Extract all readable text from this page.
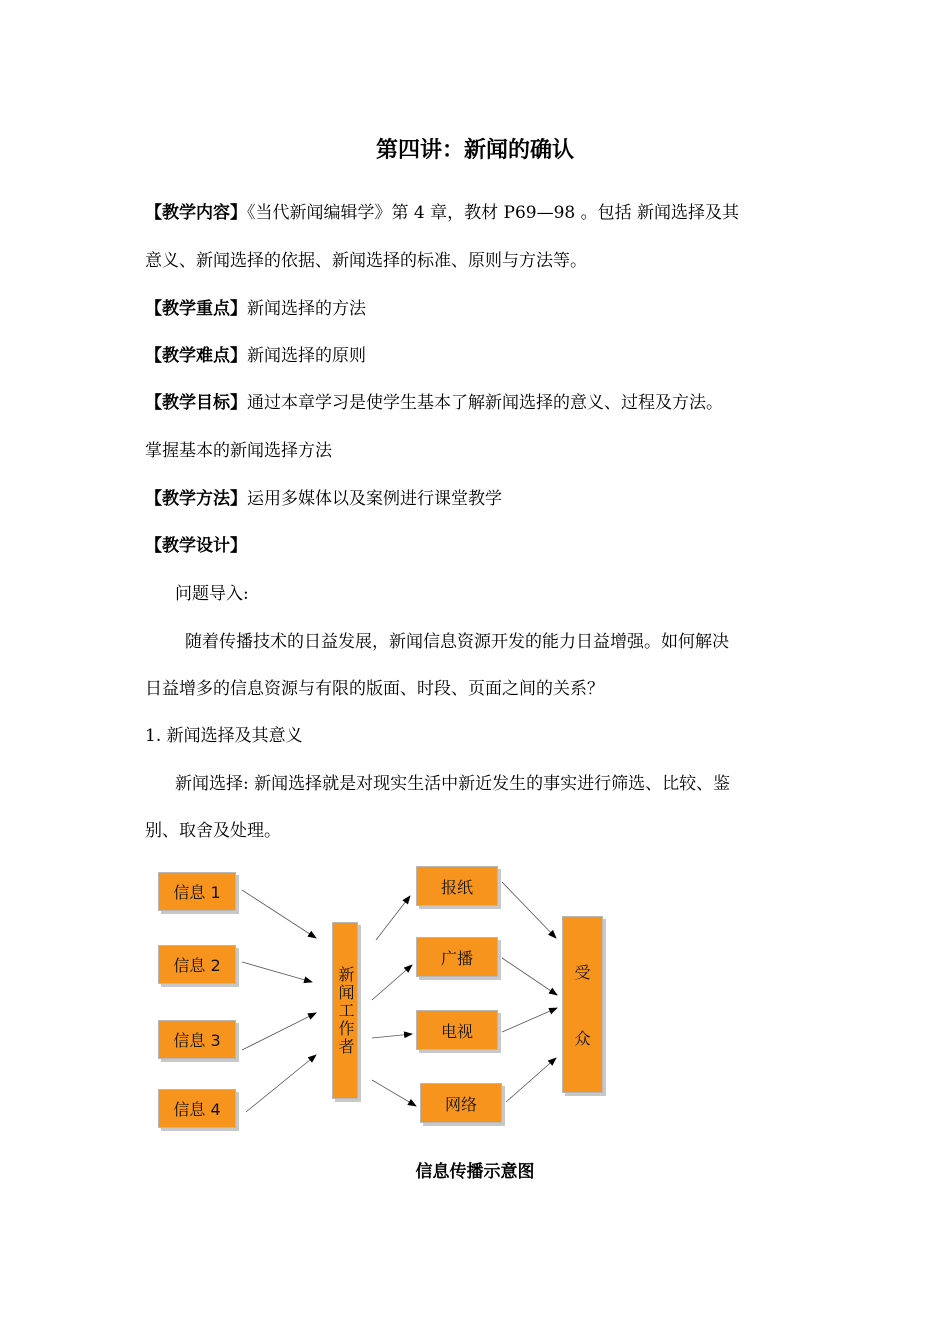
第四讲：新闻的确认
【教学内容】《当代新闻编辑学》第 4 章，教材 P69—98 。包括 新闻选择及其
意义、新闻选择的依据、新闻选择的标准、原则与方法等。
【教学重点】新闻选择的方法
【教学难点】新闻选择的原则
【教学目标】通过本章学习是使学生基本了解新闻选择的意义、过程及方法。
掌握基本的新闻选择方法
【教学方法】运用多媒体以及案例进行课堂教学
【教学设计】
问题导入:
随着传播技术的日益发展，新闻信息资源开发的能力日益增强。如何解决
日益增多的信息资源与有限的版面、时段、页面之间的关系？
1. 新闻选择及其意义
新闻选择: 新闻选择就是对现实生活中新近发生的事实进行筛选、比较、鉴
别、取舍及处理。
信息 1
信息 2
信息 3
信息 4
新闻工作者
报纸
广播
电视
网络
受
众
信息传播示意图
